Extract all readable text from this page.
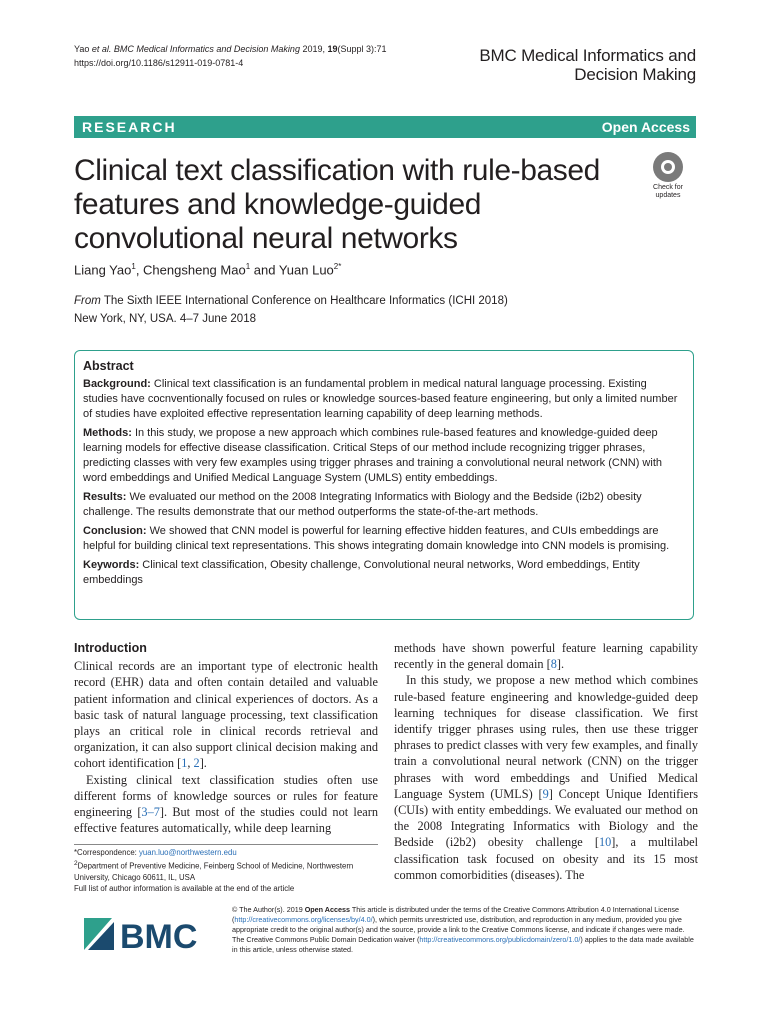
Yao et al. BMC Medical Informatics and Decision Making 2019, 19(Suppl 3):71
https://doi.org/10.1186/s12911-019-0781-4	BMC Medical Informatics and
Decision Making
RESEARCH	Open Access
Clinical text classification with rule-based features and knowledge-guided convolutional neural networks
Check for
updates
Liang Yao$^1$, Chengsheng Mao$^1$ and Yuan Luo$^{2*}$
From The Sixth IEEE International Conference on Healthcare Informatics (ICHI 2018)
New York, NY, USA. 4–7 June 2018
Abstract

Background: Clinical text classification is an fundamental problem in medical natural language processing. Existing studies have cocnventionally focused on rules or knowledge sources-based feature engineering, but only a limited number of studies have exploited effective representation learning capability of deep learning methods.

Methods: In this study, we propose a new approach which combines rule-based features and knowledge-guided deep learning models for effective disease classification. Critical Steps of our method include recognizing trigger phrases, predicting classes with very few examples using trigger phrases and training a convolutional neural network (CNN) with word embeddings and Unified Medical Language System (UMLS) entity embeddings.

Results: We evaluated our method on the 2008 Integrating Informatics with Biology and the Bedside (i2b2) obesity challenge. The results demonstrate that our method outperforms the state-of-the-art methods.

Conclusion: We showed that CNN model is powerful for learning effective hidden features, and CUIs embeddings are helpful for building clinical text representations. This shows integrating domain knowledge into CNN models is promising.

Keywords: Clinical text classification, Obesity challenge, Convolutional neural networks, Word embeddings, Entity embeddings

Introduction

Clinical records are an important type of electronic health record (EHR) data and often contain detailed and valuable patient information and clinical experiences of doctors. As a basic task of natural language processing, text classification plays an critical role in clinical records retrieval and organization, it can also support clinical decision making and cohort identification [1, 2].

Existing clinical text classification studies often use different forms of knowledge sources or rules for feature engineering [3–7]. But most of the studies could not learn effective features automatically, while deep learning

methods have shown powerful feature learning capability recently in the general domain [8].

In this study, we propose a new method which combines rule-based feature engineering and knowledge-guided deep learning techniques for disease classification. We first identify trigger phrases using rules, then use these trigger phrases to predict classes with very few examples, and finally train a convolutional neural network (CNN) on the trigger phrases with word embeddings and Unified Medical Language System (UMLS) [9] Concept Unique Identifiers (CUIs) with entity embeddings. We evaluated our method on the 2008 Integrating Informatics with Biology and the Bedside (i2b2) obesity challenge [10], a multilabel classification task focused on obesity and its 15 most common comorbidities (diseases). The

*Correspondence: yuan.luo@northwestern.edu
$^2$Department of Preventive Medicine, Feinberg School of Medicine, Northwestern University, Chicago 60611, IL, USA
Full list of author information is available at the end of the article
BMC
© The Author(s). 2019 Open Access This article is distributed under the terms of the Creative Commons Attribution 4.0 International License (http://creativecommons.org/licenses/by/4.0/), which permits unrestricted use, distribution, and reproduction in any medium, provided you give appropriate credit to the original author(s) and the source, provide a link to the Creative Commons license, and indicate if changes were made. The Creative Commons Public Domain Dedication waiver (http://creativecommons.org/publicdomain/zero/1.0/) applies to the data made available in this article, unless otherwise stated.
